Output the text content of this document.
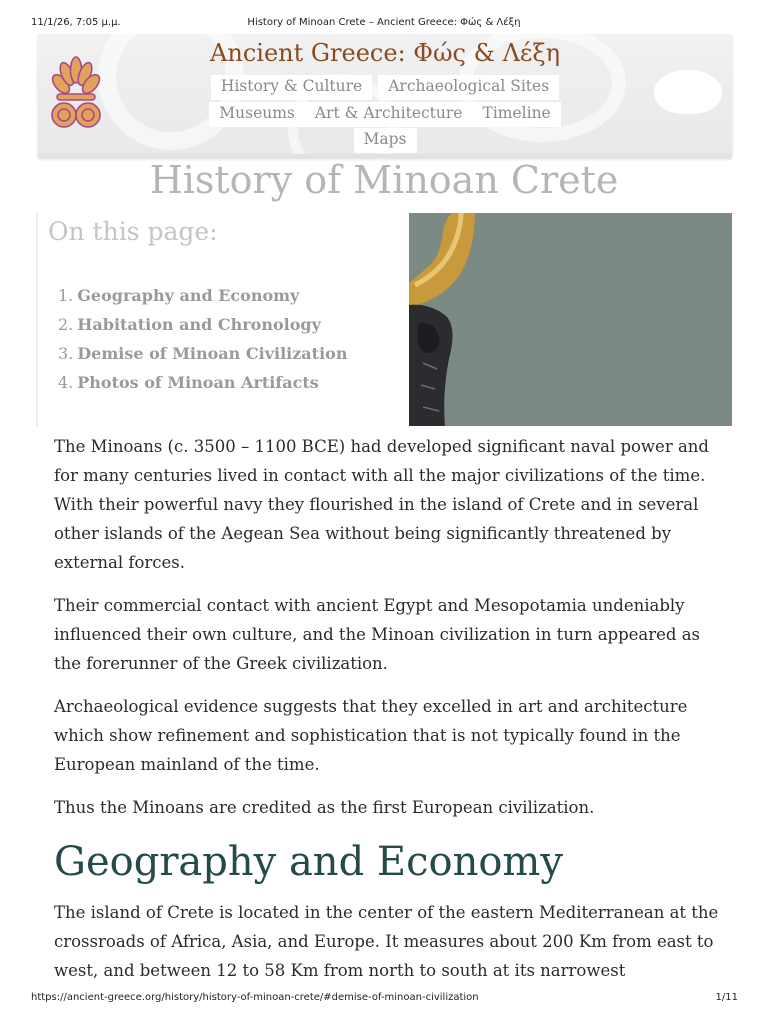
11/1/26, 7:05 μ.μ.	History of Minoan Crete – Ancient Greece: Φώς & Λέξη
Ancient Greece: Φώς & Λέξη
History & Culture Archaeological Sites
Museums Art & Architecture Timeline
Maps
History of Minoan Crete
On this page:
1. Geography and Economy
2. Habitation and Chronology
3. Demise of Minoan Civilization
4. Photos of Minoan Artifacts

The Minoans (c. 3500 – 1100 BCE) had developed significant naval power and for many centuries lived in contact with all the major civilizations of the time. With their powerful navy they flourished in the island of Crete and in several other islands of the Aegean Sea without being significantly threatened by external forces.

Their commercial contact with ancient Egypt and Mesopotamia undeniably influenced their own culture, and the Minoan civilization in turn appeared as the forerunner of the Greek civilization.

Archaeological evidence suggests that they excelled in art and architecture which show refinement and sophistication that is not typically found in the European mainland of the time.

Thus the Minoans are credited as the first European civilization.

Geography and Economy

The island of Crete is located in the center of the eastern Mediterranean at the crossroads of Africa, Asia, and Europe. It measures about 200 Km from east to west, and between 12 to 58 Km from north to south at its narrowest

https://ancient-greece.org/history/history-of-minoan-crete/#demise-of-minoan-civilization	1/11
